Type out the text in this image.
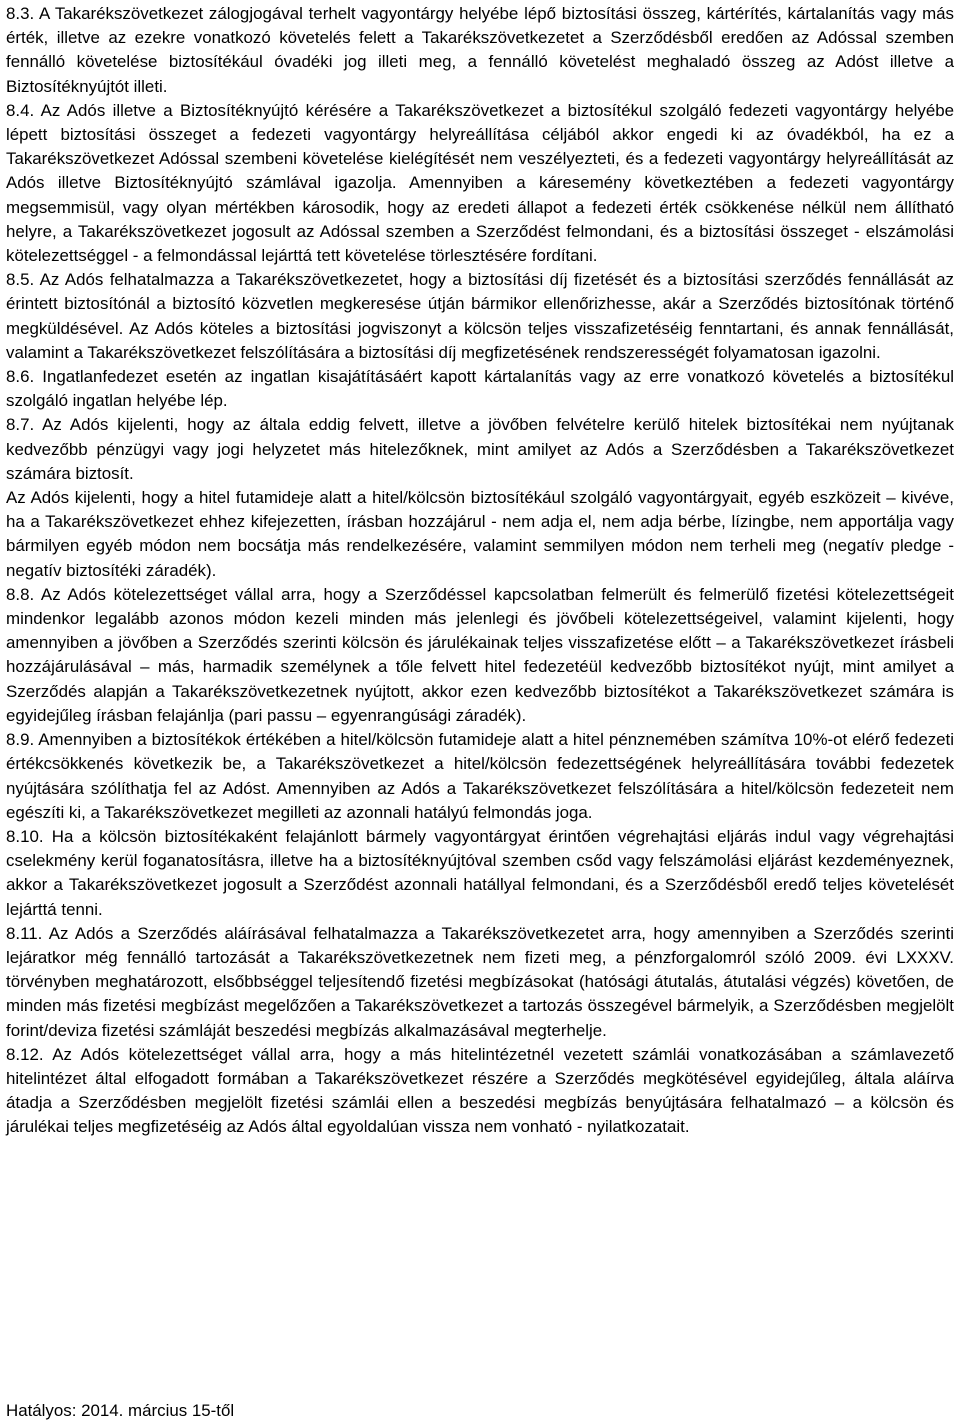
8.3. A Takarékszövetkezet zálogjogával terhelt vagyontárgy helyébe lépő biztosítási összeg, kártérítés, kártalanítás vagy más érték, illetve az ezekre vonatkozó követelés felett a Takarékszövetkezetet a Szerződésből eredően az Adóssal szemben fennálló követelése biztosítékául óvadéki jog illeti meg, a fennálló követelést meghaladó összeg az Adóst illetve a Biztosítéknyújtót illeti.

8.4. Az Adós illetve a Biztosítéknyújtó kérésére a Takarékszövetkezet a biztosítékul szolgáló fedezeti vagyontárgy helyébe lépett biztosítási összeget a fedezeti vagyontárgy helyreállítása céljából akkor engedi ki az óvadékból, ha ez a Takarékszövetkezet Adóssal szembeni követelése kielégítését nem veszélyezteti, és a fedezeti vagyontárgy helyreállítását az Adós illetve Biztosítéknyújtó számlával igazolja. Amennyiben a káresemény következtében a fedezeti vagyontárgy megsemmisül, vagy olyan mértékben károsodik, hogy az eredeti állapot a fedezeti érték csökkenése nélkül nem állítható helyre, a Takarékszövetkezet jogosult az Adóssal szemben a Szerződést felmondani, és a biztosítási összeget - elszámolási kötelezettséggel - a felmondással lejárttá tett követelése törlesztésére fordítani.

8.5. Az Adós felhatalmazza a Takarékszövetkezetet, hogy a biztosítási díj fizetését és a biztosítási szerződés fennállását az érintett biztosítónál a biztosító közvetlen megkeresése útján bármikor ellenőrizhesse, akár a Szerződés biztosítónak történő megküldésével. Az Adós köteles a biztosítási jogviszonyt a kölcsön teljes visszafizetéséig fenntartani, és annak fennállását, valamint a Takarékszövetkezet felszólítására a biztosítási díj megfizetésének rendszerességét folyamatosan igazolni.

8.6. Ingatlanfedezet esetén az ingatlan kisajátításáért kapott kártalanítás vagy az erre vonatkozó követelés a biztosítékul szolgáló ingatlan helyébe lép.

8.7. Az Adós kijelenti, hogy az általa eddig felvett, illetve a jövőben felvételre kerülő hitelek biztosítékai nem nyújtanak kedvezőbb pénzügyi vagy jogi helyzetet más hitelezőknek, mint amilyet az Adós a Szerződésben a Takarékszövetkezet számára biztosít.

Az Adós kijelenti, hogy a hitel futamideje alatt a hitel/kölcsön biztosítékául szolgáló vagyontárgyait, egyéb eszközeit – kivéve, ha a Takarékszövetkezet ehhez kifejezetten, írásban hozzájárul - nem adja el, nem adja bérbe, lízingbe, nem apportálja vagy bármilyen egyéb módon nem bocsátja más rendelkezésére, valamint semmilyen módon nem terheli meg (negatív pledge - negatív biztosítéki záradék).

8.8. Az Adós kötelezettséget vállal arra, hogy a Szerződéssel kapcsolatban felmerült és felmerülő fizetési kötelezettségeit mindenkor legalább azonos módon kezeli minden más jelenlegi és jövőbeli kötelezettségeivel, valamint kijelenti, hogy amennyiben a jövőben a Szerződés szerinti kölcsön és járulékainak teljes visszafizetése előtt – a Takarékszövetkezet írásbeli hozzájárulásával – más, harmadik személynek a tőle felvett hitel fedezetéül kedvezőbb biztosítékot nyújt, mint amilyet a Szerződés alapján a Takarékszövetkezetnek nyújtott, akkor ezen kedvezőbb biztosítékot a Takarékszövetkezet számára is egyidejűleg írásban felajánlja (pari passu – egyenrangúsági záradék).

8.9. Amennyiben a biztosítékok értékében a hitel/kölcsön futamideje alatt a hitel pénznemében számítva 10%-ot elérő fedezeti értékcsökkenés következik be, a Takarékszövetkezet a hitel/kölcsön fedezettségének helyreállítására további fedezetek nyújtására szólíthatja fel az Adóst. Amennyiben az Adós a Takarékszövetkezet felszólítására a hitel/kölcsön fedezeteit nem egészíti ki, a Takarékszövetkezet megilleti az azonnali hatályú felmondás joga.

8.10. Ha a kölcsön biztosítékaként felajánlott bármely vagyontárgyat érintően végrehajtási eljárás indul vagy végrehajtási cselekmény kerül foganatosításra, illetve ha a biztosítéknyújtóval szemben csőd vagy felszámolási eljárást kezdeményeznek, akkor a Takarékszövetkezet jogosult a Szerződést azonnali hatállyal felmondani, és a Szerződésből eredő teljes követelését lejárttá tenni.

8.11. Az Adós a Szerződés aláírásával felhatalmazza a Takarékszövetkezetet arra, hogy amennyiben a Szerződés szerinti lejáratkor még fennálló tartozását a Takarékszövetkezetnek nem fizeti meg, a pénzforgalomról szóló 2009. évi LXXXV. törvényben meghatározott, elsőbbséggel teljesítendő fizetési megbízásokat (hatósági átutalás, átutalási végzés) követően, de minden más fizetési megbízást megelőzően a Takarékszövetkezet a tartozás összegével bármelyik, a Szerződésben megjelölt forint/deviza fizetési számláját beszedési megbízás alkalmazásával megterhelje.

8.12. Az Adós kötelezettséget vállal arra, hogy a más hitelintézetnél vezetett számlái vonatkozásában a számlavezető hitelintézet által elfogadott formában a Takarékszövetkezet részére a Szerződés megkötésével egyidejűleg, általa aláírva átadja a Szerződésben megjelölt fizetési számlái ellen a beszedési megbízás benyújtására felhatalmazó – a kölcsön és járulékai teljes megfizetéséig az Adós által egyoldalúan vissza nem vonható - nyilatkozatait.

Hatályos: 2014. március 15-től
